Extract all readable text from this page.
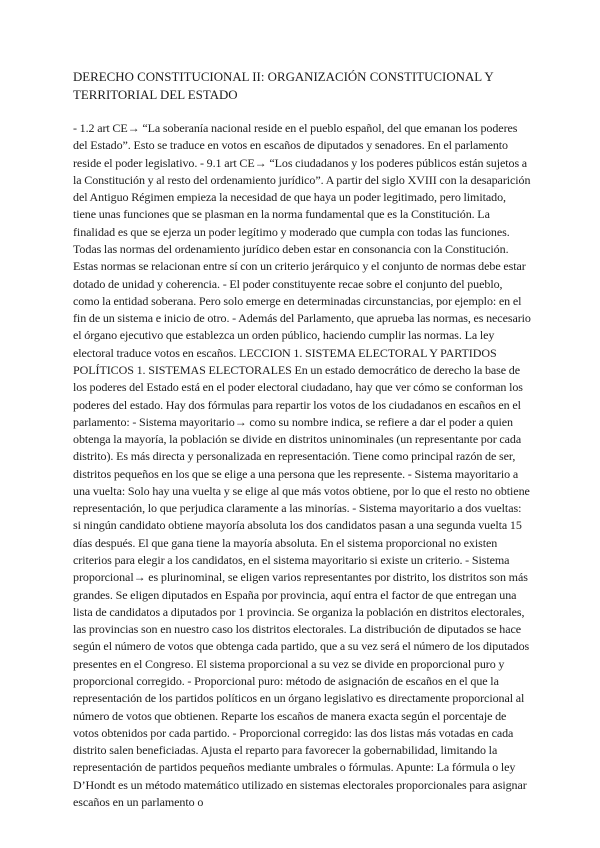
DERECHO CONSTITUCIONAL II: ORGANIZACIÓN CONSTITUCIONAL Y TERRITORIAL DEL ESTADO
- 1.2 art CE→ “La soberanía nacional reside en el pueblo español, del que emanan los poderes del Estado”. Esto se traduce en votos en escaños de diputados y senadores. En el parlamento reside el poder legislativo. - 9.1 art CE→ “Los ciudadanos y los poderes públicos están sujetos a la Constitución y al resto del ordenamiento jurídico”. A partir del siglo XVIII con la desaparición del Antiguo Régimen empieza la necesidad de que haya un poder legitimado, pero limitado, tiene unas funciones que se plasman en la norma fundamental que es la Constitución. La finalidad es que se ejerza un poder legítimo y moderado que cumpla con todas las funciones. Todas las normas del ordenamiento jurídico deben estar en consonancia con la Constitución. Estas normas se relacionan entre sí con un criterio jerárquico y el conjunto de normas debe estar dotado de unidad y coherencia. - El poder constituyente recae sobre el conjunto del pueblo, como la entidad soberana. Pero solo emerge en determinadas circunstancias, por ejemplo: en el fin de un sistema e inicio de otro. - Además del Parlamento, que aprueba las normas, es necesario el órgano ejecutivo que establezca un orden público, haciendo cumplir las normas. La ley electoral traduce votos en escaños. LECCION 1. SISTEMA ELECTORAL Y PARTIDOS POLÍTICOS 1. SISTEMAS ELECTORALES En un estado democrático de derecho la base de los poderes del Estado está en el poder electoral ciudadano, hay que ver cómo se conforman los poderes del estado. Hay dos fórmulas para repartir los votos de los ciudadanos en escaños en el parlamento: - Sistema mayoritario→ como su nombre indica, se refiere a dar el poder a quien obtenga la mayoría, la población se divide en distritos uninominales (un representante por cada distrito). Es más directa y personalizada en representación. Tiene como principal razón de ser, distritos pequeños en los que se elige a una persona que les represente. - Sistema mayoritario a una vuelta: Solo hay una vuelta y se elige al que más votos obtiene, por lo que el resto no obtiene representación, lo que perjudica claramente a las minorías. - Sistema mayoritario a dos vueltas: si ningún candidato obtiene mayoría absoluta los dos candidatos pasan a una segunda vuelta 15 días después. El que gana tiene la mayoría absoluta. En el sistema proporcional no existen criterios para elegir a los candidatos, en el sistema mayoritario si existe un criterio. - Sistema proporcional→ es plurinominal, se eligen varios representantes por distrito, los distritos son más grandes. Se eligen diputados en España por provincia, aquí entra el factor de que entregan una lista de candidatos a diputados por 1 provincia. Se organiza la población en distritos electorales, las provincias son en nuestro caso los distritos electorales. La distribución de diputados se hace según el número de votos que obtenga cada partido, que a su vez será el número de los diputados presentes en el Congreso. El sistema proporcional a su vez se divide en proporcional puro y proporcional corregido. - Proporcional puro: método de asignación de escaños en el que la representación de los partidos políticos en un órgano legislativo es directamente proporcional al número de votos que obtienen. Reparte los escaños de manera exacta según el porcentaje de votos obtenidos por cada partido. - Proporcional corregido: las dos listas más votadas en cada distrito salen beneficiadas. Ajusta el reparto para favorecer la gobernabilidad, limitando la representación de partidos pequeños mediante umbrales o fórmulas. Apunte: La fórmula o ley D’Hondt es un método matemático utilizado en sistemas electorales proporcionales para asignar escaños en un parlamento o
